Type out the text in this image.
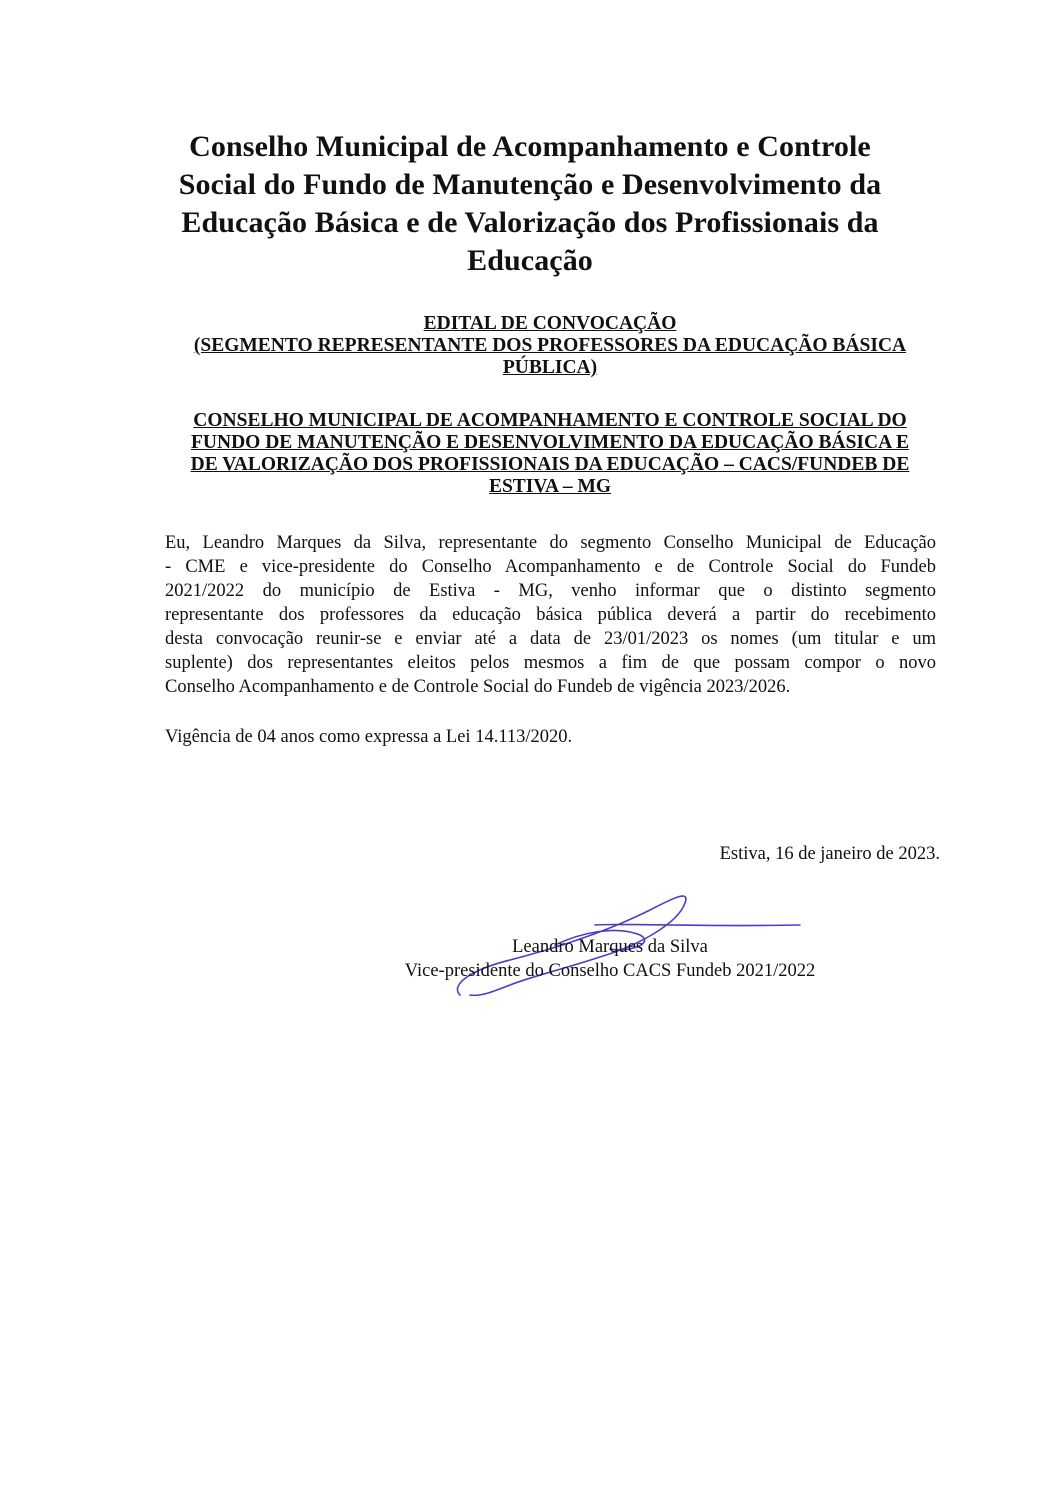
Conselho Municipal de Acompanhamento e Controle
Social do Fundo de Manutenção e Desenvolvimento da
Educação Básica e de Valorização dos Profissionais da
Educação
EDITAL DE CONVOCAÇÃO
(SEGMENTO REPRESENTANTE DOS PROFESSORES DA EDUCAÇÃO BÁSICA
PÚBLICA)
CONSELHO MUNICIPAL DE ACOMPANHAMENTO E CONTROLE SOCIAL DO
FUNDO DE MANUTENÇÃO E DESENVOLVIMENTO DA EDUCAÇÃO BÁSICA E
DE VALORIZAÇÃO DOS PROFISSIONAIS DA EDUCAÇÃO – CACS/FUNDEB DE
ESTIVA – MG
Eu, Leandro Marques da Silva, representante do segmento Conselho Municipal de Educação
- CME e vice-presidente do Conselho Acompanhamento e de Controle Social do Fundeb
2021/2022 do município de Estiva - MG, venho informar que o distinto segmento
representante dos professores da educação básica pública deverá a partir do recebimento
desta convocação reunir-se e enviar até a data de 23/01/2023 os nomes (um titular e um
suplente) dos representantes eleitos pelos mesmos a fim de que possam compor o novo
Conselho Acompanhamento e de Controle Social do Fundeb de vigência 2023/2026.
Vigência de 04 anos como expressa a Lei 14.113/2020.
Estiva, 16 de janeiro de 2023.
Leandro Marques da Silva
Vice-presidente do Conselho CACS Fundeb 2021/2022
